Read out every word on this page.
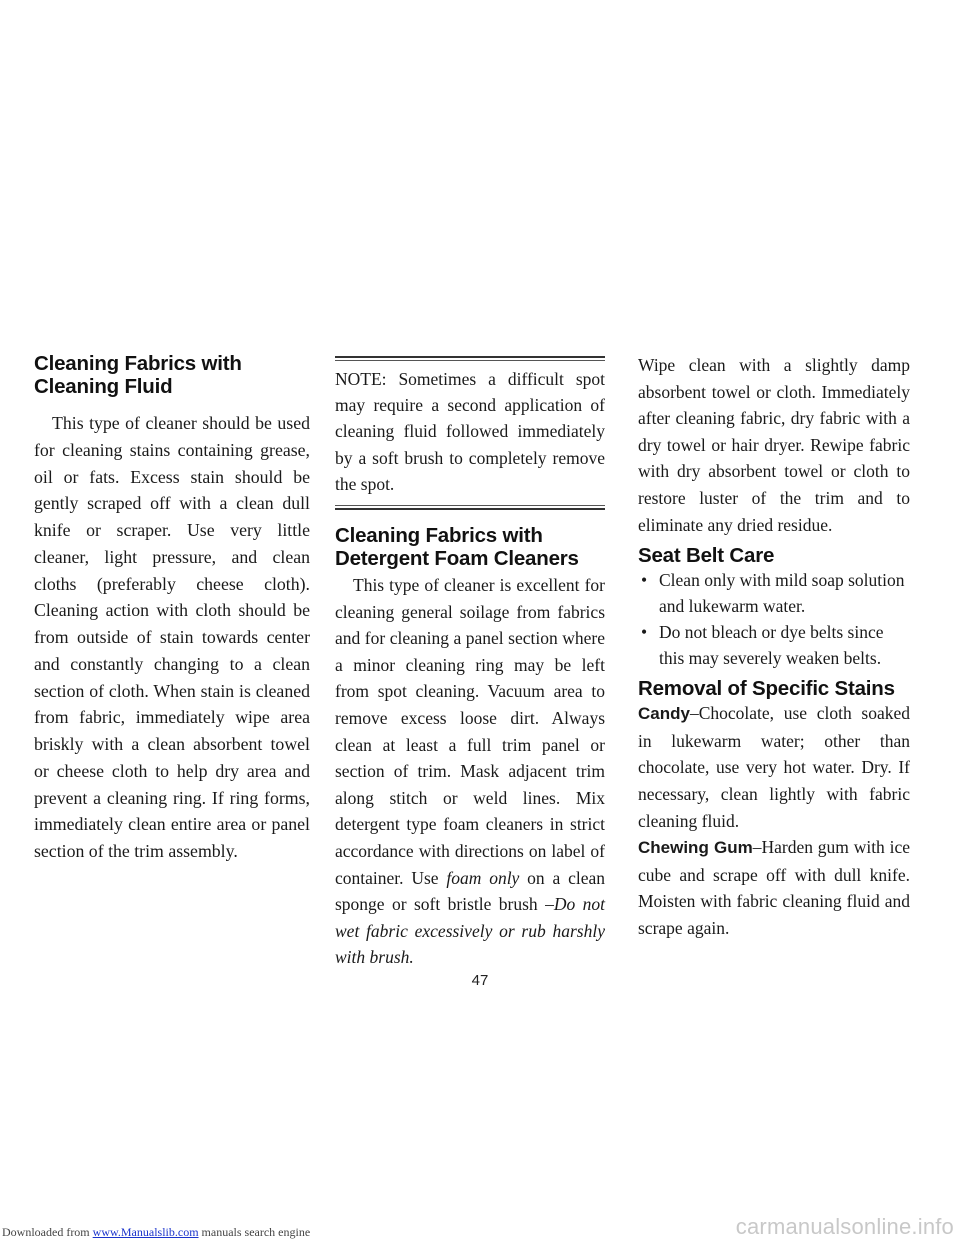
Cleaning Fabrics with
Cleaning Fluid

This type of cleaner should be used for cleaning stains containing grease, oil or fats. Excess stain should be gently scraped off with a clean dull knife or scraper. Use very little cleaner, light pressure, and clean cloths (preferably cheese cloth). Cleaning action with cloth should be from outside of stain towards center and constantly changing to a clean section of cloth. When stain is cleaned from fabric, immediately wipe area briskly with a clean absorbent towel or cheese cloth to help dry area and prevent a cleaning ring. If ring forms, immediately clean entire area or panel section of the trim assembly.

NOTE: Sometimes a difficult spot may require a second application of cleaning fluid followed immediately by a soft brush to completely remove the spot.

Cleaning Fabrics with
Detergent Foam Cleaners

This type of cleaner is excellent for cleaning general soilage from fabrics and for cleaning a panel section where a minor cleaning ring may be left from spot cleaning. Vacuum area to remove excess loose dirt. Always clean at least a full trim panel or section of trim. Mask adjacent trim along stitch or weld lines. Mix detergent type foam cleaners in strict accordance with directions on label of container. Use foam only on a clean sponge or soft bristle brush –Do not wet fabric excessively or rub harshly with brush.

Wipe clean with a slightly damp absorbent towel or cloth. Immediately after cleaning fabric, dry fabric with a dry towel or hair dryer. Rewipe fabric with dry absorbent towel or cloth to restore luster of the trim and to eliminate any dried residue.

Seat Belt Care
• Clean only with mild soap solution and lukewarm water.
• Do not bleach or dye belts since this may severely weaken belts.
Removal of Specific Stains

Candy–Chocolate, use cloth soaked in lukewarm water; other than chocolate, use very hot water. Dry. If necessary, clean lightly with fabric cleaning fluid.

Chewing Gum–Harden gum with ice cube and scrape off with dull knife. Moisten with fabric cleaning fluid and scrape again.

47
Downloaded from www.Manualslib.com manuals search engine	carmanualsonline.info
